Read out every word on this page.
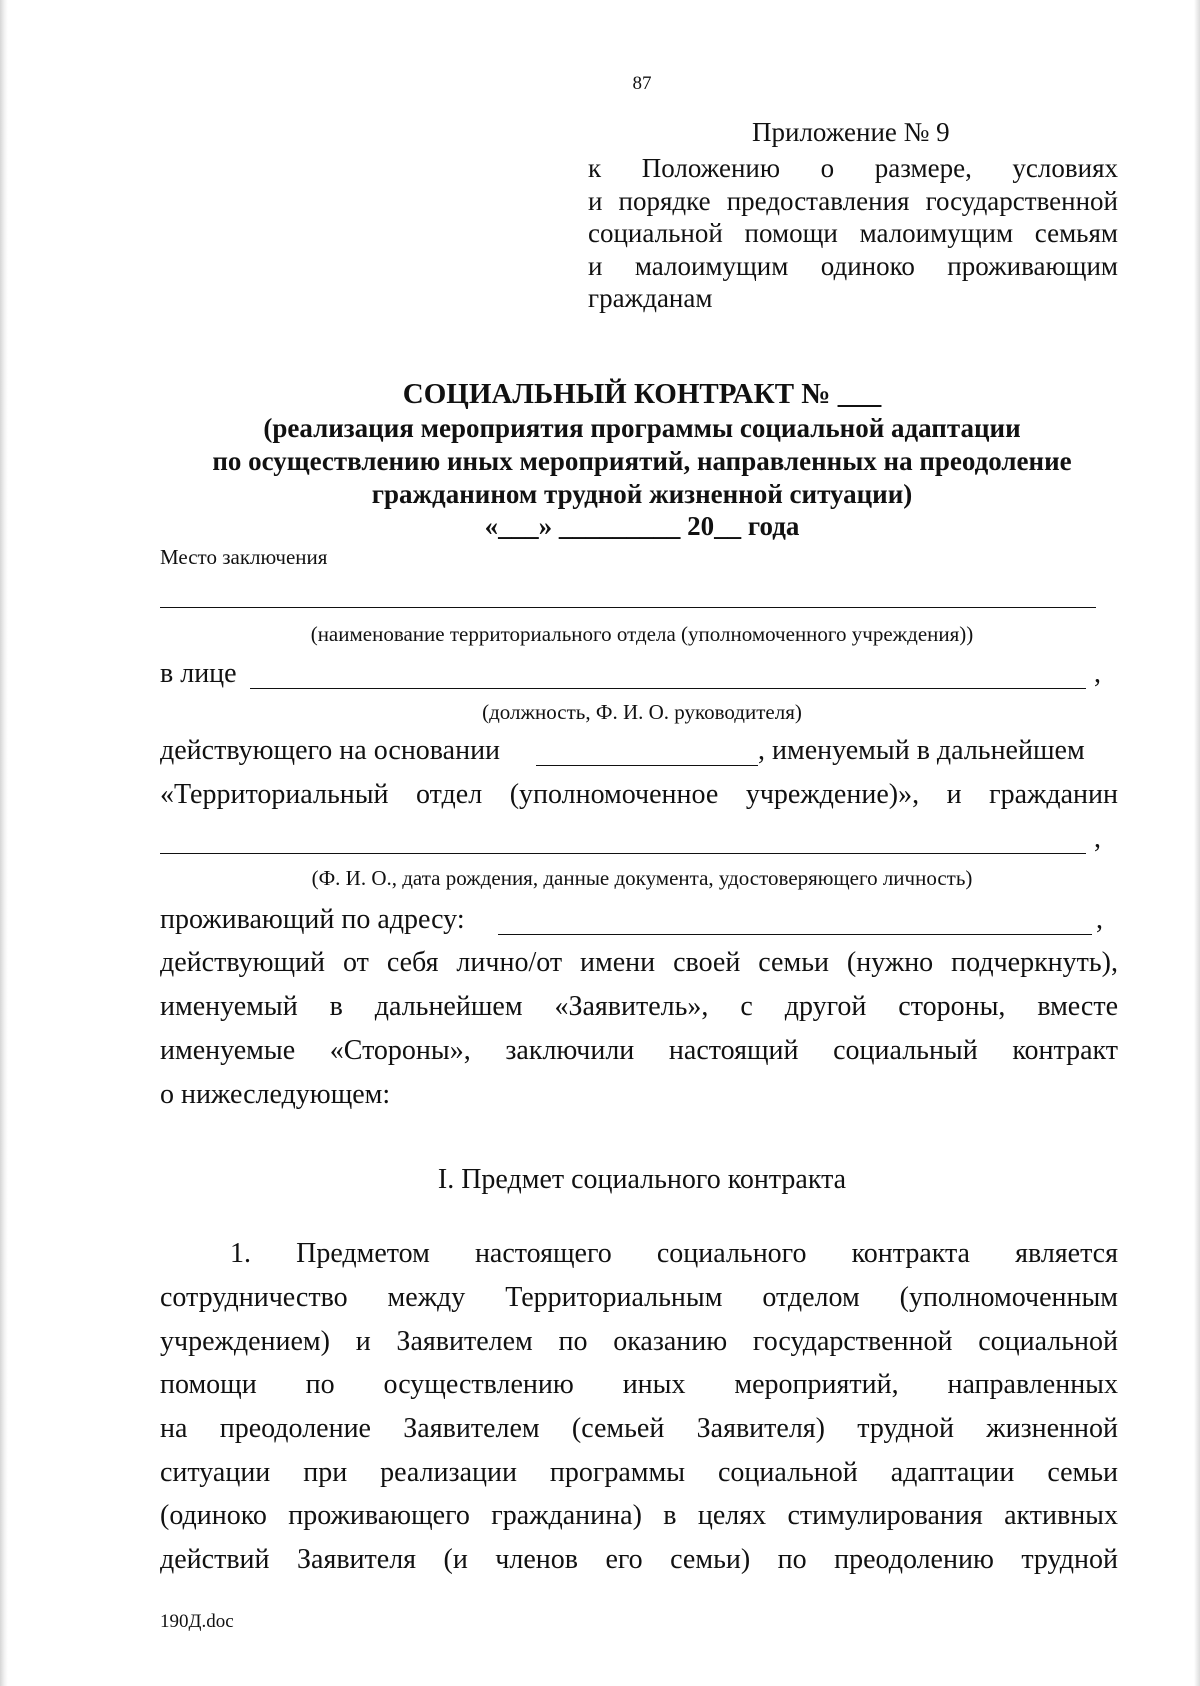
87
Приложение № 9
к Положению о размере, условиях
и порядке предоставления государственной
социальной помощи малоимущим семьям
и малоимущим одиноко проживающим
гражданам
СОЦИАЛЬНЫЙ КОНТРАКТ № ___
(реализация мероприятия программы социальной адаптации
по осуществлению иных мероприятий, направленных на преодоление
гражданином трудной жизненной ситуации)
«___» _________ 20__ года
Место заключения
(наименование территориального отдела (уполномоченного учреждения))
в лице	,
(должность, Ф. И. О. руководителя)
действующего на основании	, именуемый в дальнейшем
«Территориальный отдел (уполномоченное учреждение)», и гражданин
,
(Ф. И. О., дата рождения, данные документа, удостоверяющего личность)
проживающий по адресу:	,
действующий от себя лично/от имени своей семьи (нужно подчеркнуть),
именуемый в дальнейшем «Заявитель», с другой стороны, вместе
именуемые «Стороны», заключили настоящий социальный контракт
о нижеследующем:
I. Предмет социального контракта
1. Предметом настоящего социального контракта является
сотрудничество между Территориальным отделом (уполномоченным
учреждением) и Заявителем по оказанию государственной социальной
помощи по осуществлению иных мероприятий, направленных
на преодоление Заявителем (семьей Заявителя) трудной жизненной
ситуации при реализации программы социальной адаптации семьи
(одиноко проживающего гражданина) в целях стимулирования активных
действий Заявителя (и членов его семьи) по преодолению трудной
190Д.doc
